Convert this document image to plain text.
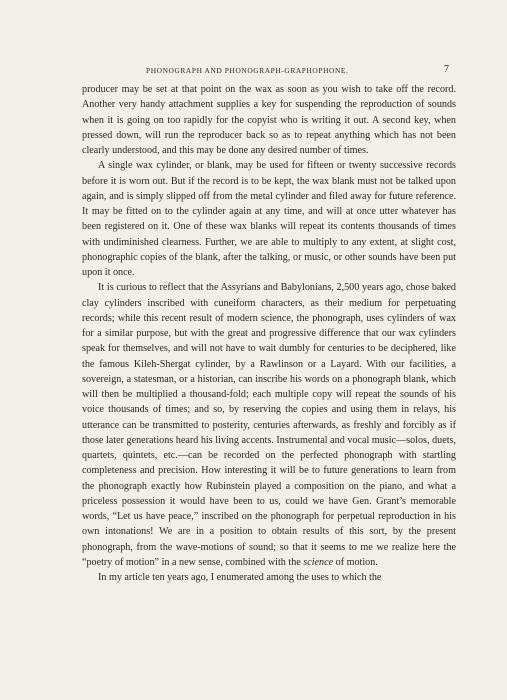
PHONOGRAPH AND PHONOGRAPH-GRAPHOPHONE.	7

producer may be set at that point on the wax as soon as you wish to take off the record. Another very handy attachment supplies a key for suspending the reproduction of sounds when it is going on too rapidly for the copyist who is writing it out. A second key, when pressed down, will run the reproducer back so as to repeat anything which has not been clearly understood, and this may be done any desired number of times.

A single wax cylinder, or blank, may be used for fifteen or twenty successive records before it is worn out. But if the record is to be kept, the wax blank must not be talked upon again, and is simply slipped off from the metal cylinder and filed away for future reference. It may be fitted on to the cylinder again at any time, and will at once utter whatever has been registered on it. One of these wax blanks will repeat its contents thousands of times with undiminished clearness. Further, we are able to multiply to any extent, at slight cost, phonographic copies of the blank, after the talking, or music, or other sounds have been put upon it once.

It is curious to reflect that the Assyrians and Babylonians, 2,500 years ago, chose baked clay cylinders inscribed with cuneiform characters, as their medium for perpetuating records; while this recent result of modern science, the phonograph, uses cylinders of wax for a similar purpose, but with the great and progressive difference that our wax cylinders speak for themselves, and will not have to wait dumbly for centuries to be deciphered, like the famous Kileh-Shergat cylinder, by a Rawlinson or a Layard. With our facilities, a sovereign, a statesman, or a historian, can inscribe his words on a phonograph blank, which will then be multiplied a thousand-fold; each multiple copy will repeat the sounds of his voice thousands of times; and so, by reserving the copies and using them in relays, his utterance can be transmitted to posterity, centuries afterwards, as freshly and forcibly as if those later generations heard his living accents. Instrumental and vocal music—solos, duets, quartets, quintets, etc.—can be recorded on the perfected phonograph with startling completeness and precision. How interesting it will be to future generations to learn from the phonograph exactly how Rubinstein played a composition on the piano, and what a priceless possession it would have been to us, could we have Gen. Grant’s memorable words, “Let us have peace,” inscribed on the phonograph for perpetual reproduction in his own intonations! We are in a position to obtain results of this sort, by the present phonograph, from the wave-motions of sound; so that it seems to me we realize here the “poetry of motion” in a new sense, combined with the science of motion.

In my article ten years ago, I enumerated among the uses to which the
